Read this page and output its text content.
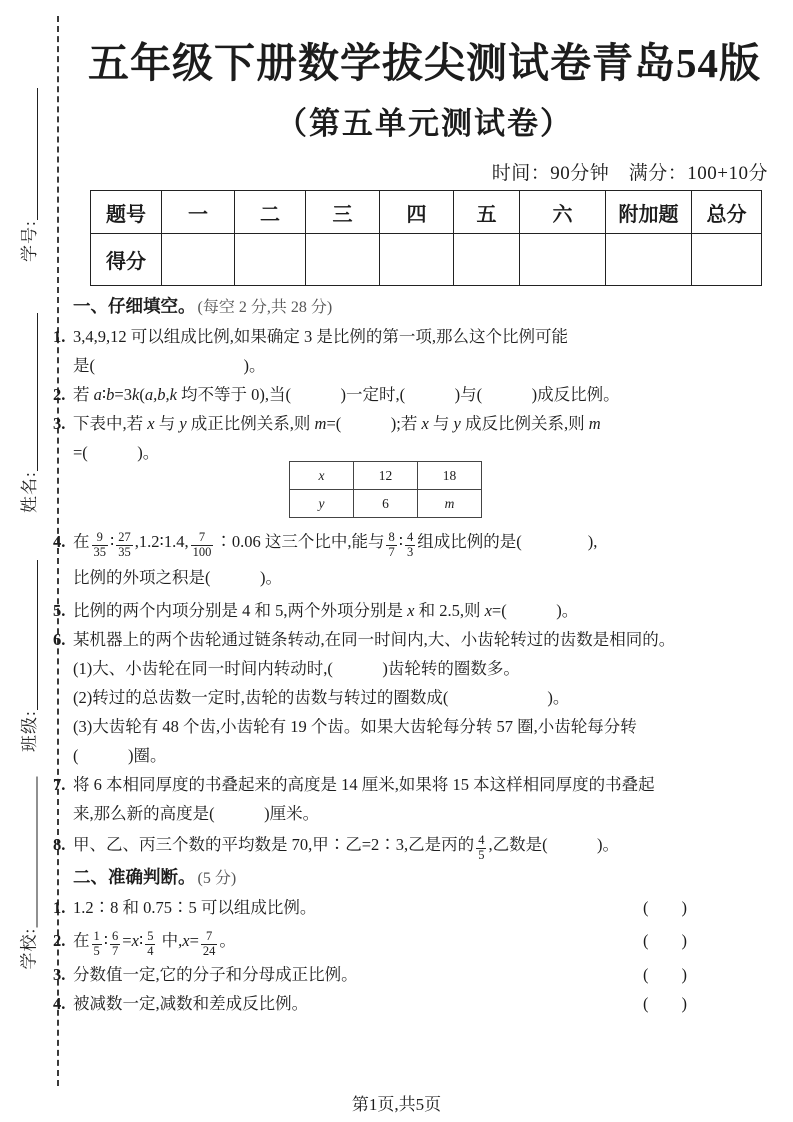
学号:
姓名:
班级:
学校:
五年级下册数学拔尖测试卷青岛54版
（第五单元测试卷）
时间：90分钟　满分：100+10分
题号	一	二	三	四	五	六	附加题	总分
得分								

一、仔细填空。 (每空 2 分,共 28 分)

1. 3,4,9,12 可以组成比例,如果确定 3 是比例的第一项,那么这个比例可能
是(　　　　　　　　　)。

2. 若 a∶b=3k(a,b,k 均不等于 0),当(　　　)一定时,(　　　)与(　　　)成反比例。

3. 下表中,若 x 与 y 成正比例关系,则 m=(　　　);若 x 与 y 成反比例关系,则 m
=(　　　)。

x	12	18
y	6	m

4. 在 $\frac{9}{35}$ ∶ $\frac{27}{35}$ ,1.2∶1.4, $\frac{7}{100}$ ∶0.06 这三个比中,能与 $\frac{8}{7}$ ∶ $\frac{4}{3}$ 组成比例的是(　　　　),
比例的外项之积是(　　　)。

5. 比例的两个内项分别是 4 和 5,两个外项分别是 x 和 2.5,则 x=(　　　)。

6. 某机器上的两个齿轮通过链条转动,在同一时间内,大、小齿轮转过的齿数是相同的。

(1)大、小齿轮在同一时间内转动时,(　　　)齿轮转的圈数多。

(2)转过的总齿数一定时,齿轮的齿数与转过的圈数成(　　　　　　)。

(3)大齿轮有 48 个齿,小齿轮有 19 个齿。如果大齿轮每分转 57 圈,小齿轮每分转

(　　　)圈。

7. 将 6 本相同厚度的书叠起来的高度是 14 厘米,如果将 15 本这样相同厚度的书叠起
来,那么新的高度是(　　　)厘米。

8. 甲、乙、丙三个数的平均数是 70,甲∶乙=2∶3,乙是丙的 $\frac{4}{5}$ ,乙数是(　　　)。

二、准确判断。 (5 分)

1. 1.2∶8 和 0.75∶5 可以组成比例。	(　　)

2. 在 $\frac{1}{5}$ ∶ $\frac{6}{7}$ =x∶ $\frac{5}{4}$ 中$,x= \frac{7}{24}$ 。	(　　)

3. 分数值一定,它的分子和分母成正比例。	(　　)

4. 被减数一定,减数和差成反比例。	(　　)

第1页,共5页
